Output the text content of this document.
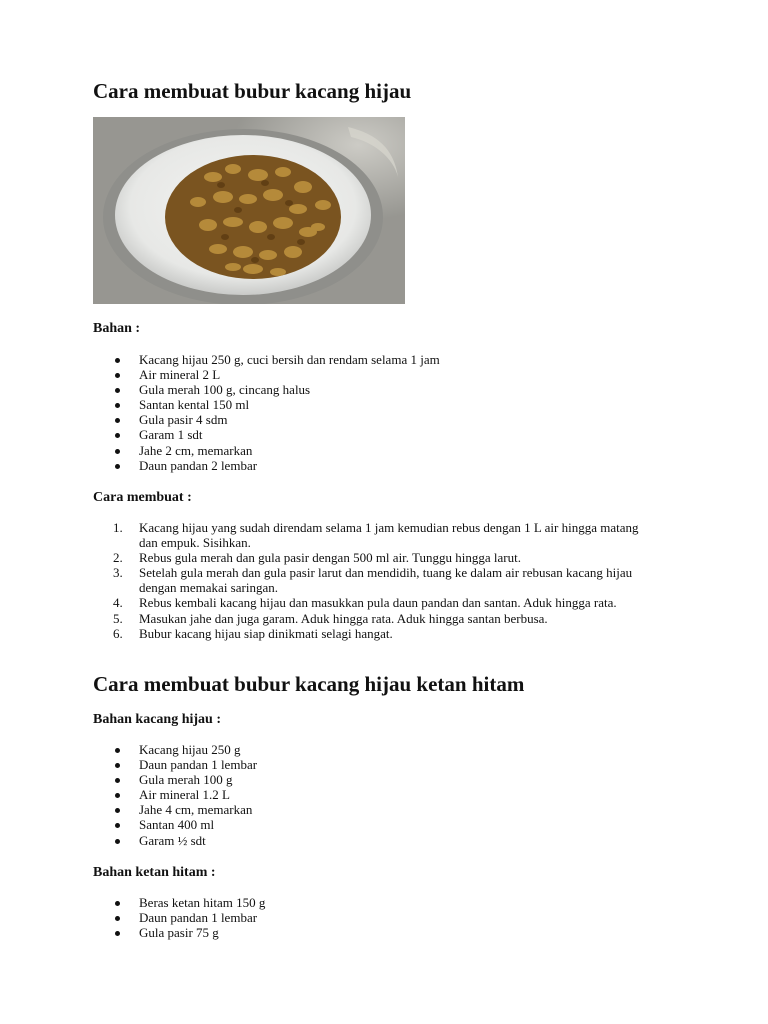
Cara membuat bubur kacang hijau
Bahan :
Kacang hijau 250 g, cuci bersih dan rendam selama 1 jam
Air mineral 2 L
Gula merah 100 g, cincang halus
Santan kental 150 ml
Gula pasir 4 sdm
Garam 1 sdt
Jahe 2 cm, memarkan
Daun pandan 2 lembar
Cara membuat :
1. Kacang hijau yang sudah direndam selama 1 jam kemudian rebus dengan 1 L air hingga matang dan empuk. Sisihkan.
2. Rebus gula merah dan gula pasir dengan 500 ml air. Tunggu hingga larut.
3. Setelah gula merah dan gula pasir larut dan mendidih, tuang ke dalam air rebusan kacang hijau dengan memakai saringan.
4. Rebus kembali kacang hijau dan masukkan pula daun pandan dan santan. Aduk hingga rata.
5. Masukan jahe dan juga garam. Aduk hingga rata. Aduk hingga santan berbusa.
6. Bubur kacang hijau siap dinikmati selagi hangat.
Cara membuat bubur kacang hijau ketan hitam
Bahan kacang hijau :
Kacang hijau 250 g
Daun pandan 1 lembar
Gula merah 100 g
Air mineral 1.2 L
Jahe 4 cm, memarkan
Santan 400 ml
Garam ½ sdt
Bahan ketan hitam :
Beras ketan hitam 150 g
Daun pandan 1 lembar
Gula pasir 75 g
